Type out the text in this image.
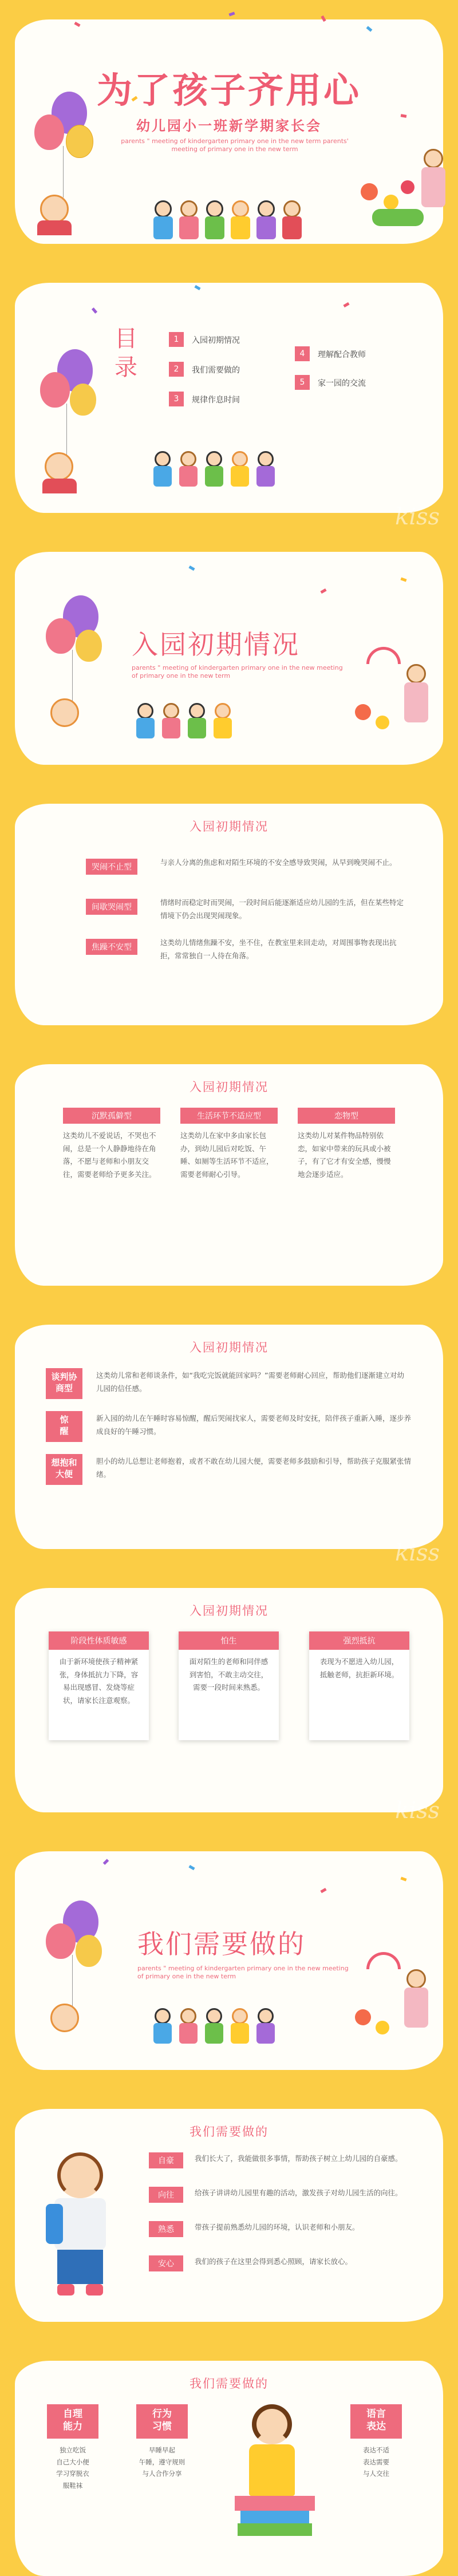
为了孩子齐用心
幼儿园小一班新学期家长会
parents " meeting of kindergarten primary one in the new term parents' meeting of primary one in the new term
kiss
目
录
1	入园初期情况
2	我们需要做的
3	规律作息时间
4	理解配合教师
5	家一园的交流
入园初期情况
parents " meeting of kindergarten primary one in the new meeting of primary one in the new term
入园初期情况
哭闹不止型

与亲人分离的焦虑和对陌生环境的不安全感导致哭闹，从早到晚哭闹不止。

间歇哭闹型

情绪时而稳定时而哭闹，一段时间后能逐渐适应幼儿园的生活，但在某些特定情境下仍会出现哭闹现象。

焦躁不安型

这类幼儿情绪焦躁不安，坐不住，在教室里来回走动，对周围事物表现出抗拒，常常独自一人待在角落。

入园初期情况
沉默孤僻型

这类幼儿不爱说话，不哭也不闹，总是一个人静静地待在角落，不愿与老师和小朋友交往，需要老师给予更多关注。

生活环节不适应型

这类幼儿在家中多由家长包办，到幼儿园后对吃饭、午睡、如厕等生活环节不适应，需要老师耐心引导。

恋物型

这类幼儿对某件物品特别依恋，如家中带来的玩具或小被子，有了它才有安全感，慢慢地会逐步适应。

kiss
入园初期情况
谈判协
商型

这类幼儿常和老师谈条件，如“我吃完饭就能回家吗？”需要老师耐心回应，帮助他们逐渐建立对幼儿园的信任感。

惊
醒

新入园的幼儿在午睡时容易惊醒，醒后哭闹找家人，需要老师及时安抚，陪伴孩子重新入睡，逐步养成良好的午睡习惯。

想抱和
大便

胆小的幼儿总想让老师抱着，或者不敢在幼儿园大便，需要老师多鼓励和引导，帮助孩子克服紧张情绪。

kiss
入园初期情况
阶段性体质敏感

由于新环境使孩子精神紧张，身体抵抗力下降，容易出现感冒、发烧等症状，请家长注意观察。

怕生

面对陌生的老师和同伴感到害怕，不敢主动交往，需要一段时间来熟悉。

强烈抵抗

表现为不愿进入幼儿园，抵触老师，抗拒新环境。

我们需要做的
parents " meeting of kindergarten primary one in the new meeting of primary one in the new term
我们需要做的
自豪	我们长大了，我能做很多事情，帮助孩子树立上幼儿园的自豪感。

向往	给孩子讲讲幼儿园里有趣的活动，激发孩子对幼儿园生活的向往。

熟悉	带孩子提前熟悉幼儿园的环境，认识老师和小朋友。

安心	我们的孩子在这里会得到悉心照顾，请家长放心。

我们需要做的
自理
能力

独立吃饭
自己大小便
学习穿脱衣
服鞋袜

行为
习惯

早睡早起
午睡，遵守规则
与人合作分享

语言
表达

表达不适
表达需要
与人交往
